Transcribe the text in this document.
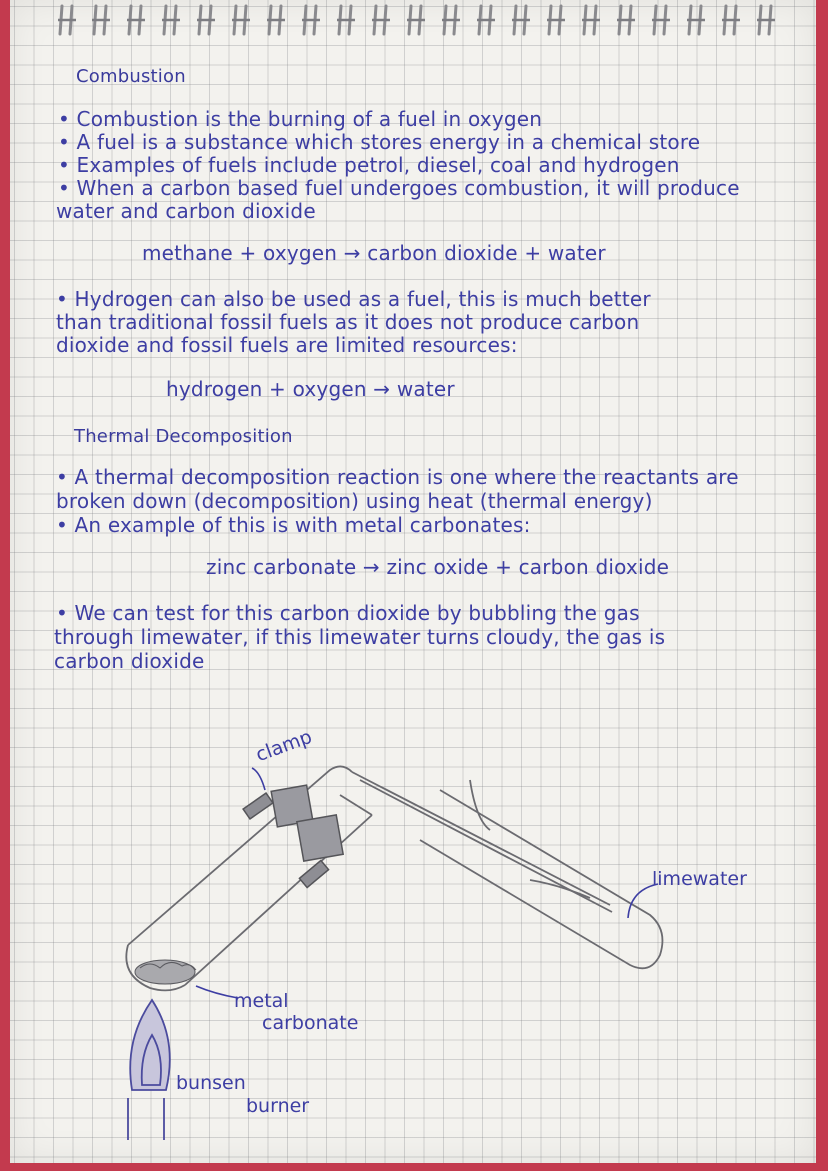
Combustion
• Combustion is the burning of a fuel in oxygen
• A fuel is a substance which stores energy in a chemical store
• Examples of fuels include petrol, diesel, coal and hydrogen
• When a carbon based fuel undergoes combustion, it will produce
water and carbon dioxide
methane + oxygen → carbon dioxide + water
• Hydrogen can also be used as a fuel, this is much better
than traditional fossil fuels as it does not produce carbon
dioxide and fossil fuels are limited resources:
hydrogen + oxygen → water
Thermal Decomposition
• A thermal decomposition reaction is one where the reactants are
broken down (decomposition) using heat (thermal energy)
• An example of this is with metal carbonates:
zinc carbonate → zinc oxide + carbon dioxide
• We can test for this carbon dioxide by bubbling the gas
through limewater, if this limewater turns cloudy, the gas is
carbon dioxide
clamp
limewater
metal
carbonate
bunsen
burner
